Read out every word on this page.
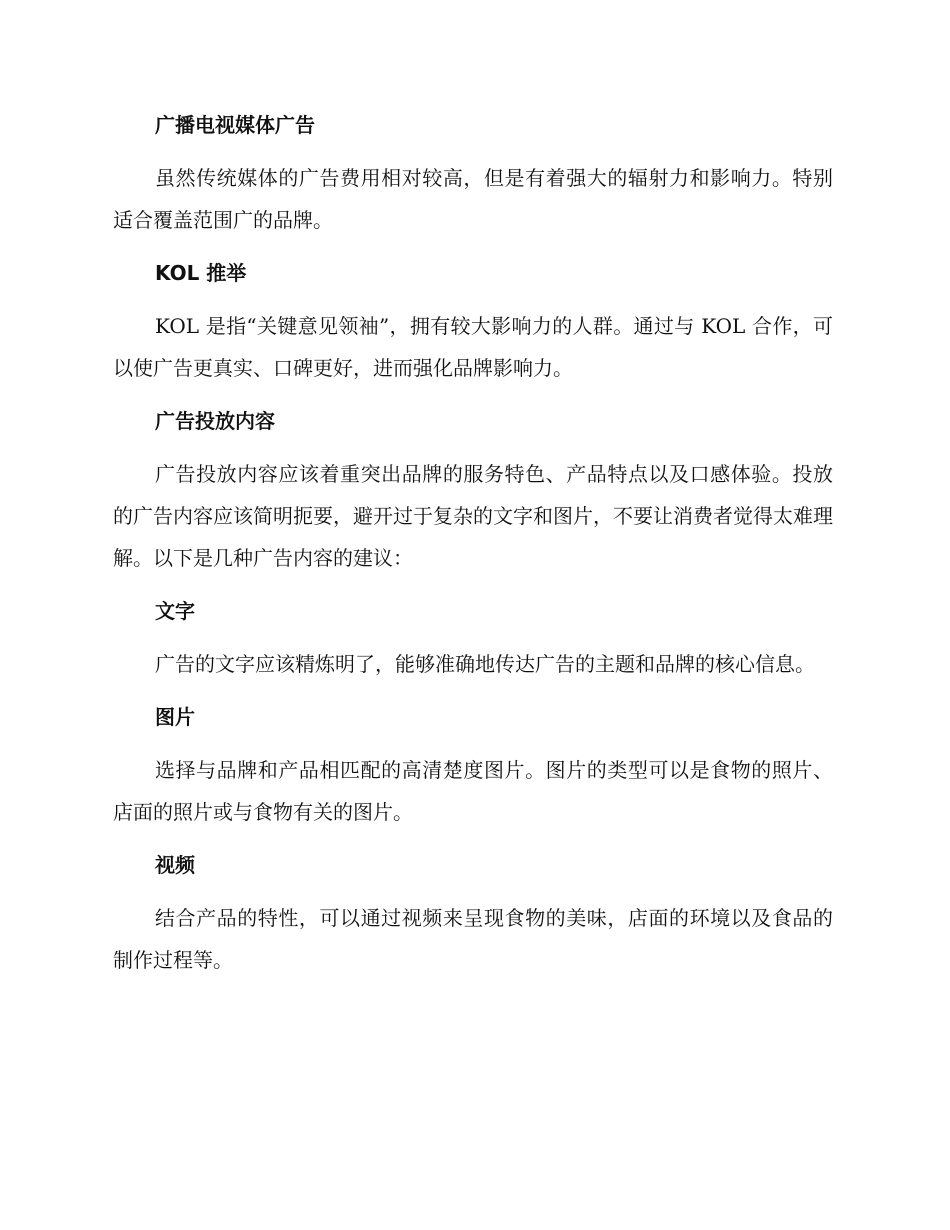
广播电视媒体广告
虽然传统媒体的广告费用相对较高，但是有着强大的辐射力和影响力。特别适合覆盖范围广的品牌。
KOL 推举
KOL 是指“关键意见领袖”，拥有较大影响力的人群。通过与 KOL 合作，可以使广告更真实、口碑更好，进而强化品牌影响力。
广告投放内容
广告投放内容应该着重突出品牌的服务特色、产品特点以及口感体验。投放的广告内容应该简明扼要，避开过于复杂的文字和图片，不要让消费者觉得太难理解。以下是几种广告内容的建议：
文字
广告的文字应该精炼明了，能够准确地传达广告的主题和品牌的核心信息。
图片
选择与品牌和产品相匹配的高清楚度图片。图片的类型可以是食物的照片、店面的照片或与食物有关的图片。
视频
结合产品的特性，可以通过视频来呈现食物的美味，店面的环境以及食品的制作过程等。
